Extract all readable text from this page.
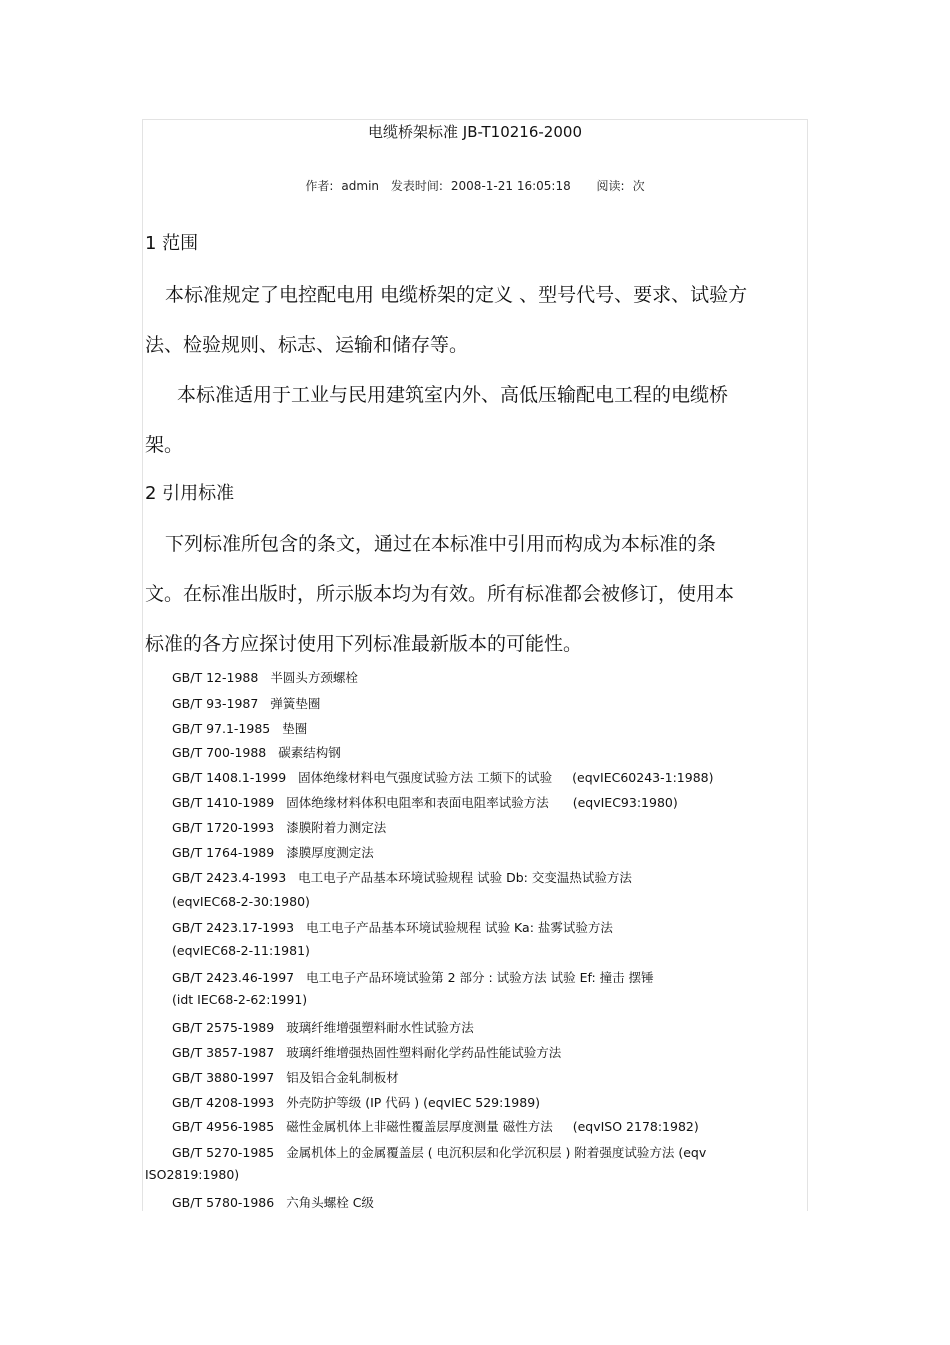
电缆桥架标准 JB-T10216-2000
作者: admin 发表时间: 2008-1-21 16:05:18 阅读: 次
1 范围
本标准规定了电控配电用 电缆桥架的定义 、型号代号、要求、试验方
法、检验规则、标志、运输和储存等。
本标准适用于工业与民用建筑室内外、高低压输配电工程的电缆桥
架。
2 引用标准
下列标准所包含的条文，通过在本标准中引用而构成为本标准的条
文。在标准出版时，所示版本均为有效。所有标准都会被修订，使用本
标准的各方应探讨使用下列标准最新版本的可能性。
GB/T 12-1988 半圆头方颈螺栓
GB/T 93-1987 弹簧垫圈
GB/T 97.1-1985 垫圈
GB/T 700-1988 碳素结构钢
GB/T 1408.1-1999 固体绝缘材料电气强度试验方法 工频下的试验 (eqvIEC60243-1:1988)
GB/T 1410-1989 固体绝缘材料体积电阻率和表面电阻率试验方法 (eqvIEC93:1980)
GB/T 1720-1993 漆膜附着力测定法
GB/T 1764-1989 漆膜厚度测定法
GB/T 2423.4-1993 电工电子产品基本环境试验规程 试验 Db: 交变温热试验方法
(eqvIEC68-2-30:1980)
GB/T 2423.17-1993 电工电子产品基本环境试验规程 试验 Ka: 盐雾试验方法
(eqvIEC68-2-11:1981)
GB/T 2423.46-1997 电工电子产品环境试验第 2 部分 : 试验方法 试验 Ef: 撞击 摆锤
(idt IEC68-2-62:1991)
GB/T 2575-1989 玻璃纤维增强塑料耐水性试验方法
GB/T 3857-1987 玻璃纤维增强热固性塑料耐化学药品性能试验方法
GB/T 3880-1997 铝及铝合金轧制板材
GB/T 4208-1993 外壳防护等级 (IP 代码 ) (eqvIEC 529:1989)
GB/T 4956-1985 磁性金属机体上非磁性覆盖层厚度测量 磁性方法 (eqvISO 2178:1982)
GB/T 5270-1985 金属机体上的金属覆盖层 ( 电沉积层和化学沉积层 ) 附着强度试验方法 (eqv
ISO2819:1980)
GB/T 5780-1986 六角头螺栓 C级
